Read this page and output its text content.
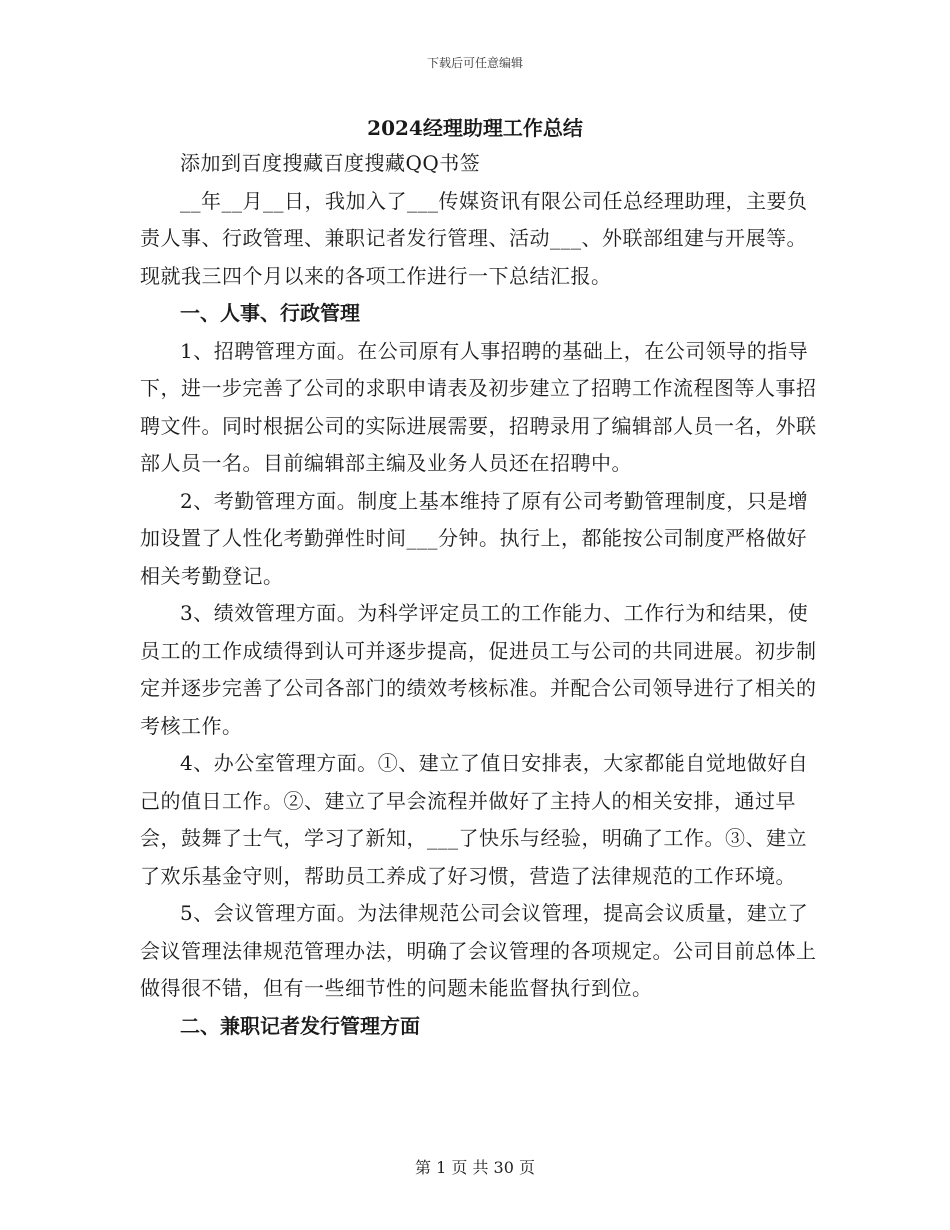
下载后可任意编辑
2024经理助理工作总结

添加到百度搜藏百度搜藏QQ书签

__年__月__日，我加入了___传媒资讯有限公司任总经理助理，主要负责人事、行政管理、兼职记者发行管理、活动___、外联部组建与开展等。现就我三四个月以来的各项工作进行一下总结汇报。

一、人事、行政管理

1、招聘管理方面。在公司原有人事招聘的基础上，在公司领导的指导下，进一步完善了公司的求职申请表及初步建立了招聘工作流程图等人事招聘文件。同时根据公司的实际进展需要，招聘录用了编辑部人员一名，外联部人员一名。目前编辑部主编及业务人员还在招聘中。

2、考勤管理方面。制度上基本维持了原有公司考勤管理制度，只是增加设置了人性化考勤弹性时间___分钟。执行上，都能按公司制度严格做好相关考勤登记。

3、绩效管理方面。为科学评定员工的工作能力、工作行为和结果，使员工的工作成绩得到认可并逐步提高，促进员工与公司的共同进展。初步制定并逐步完善了公司各部门的绩效考核标准。并配合公司领导进行了相关的考核工作。

4、办公室管理方面。①、建立了值日安排表，大家都能自觉地做好自己的值日工作。②、建立了早会流程并做好了主持人的相关安排，通过早会，鼓舞了士气，学习了新知，___了快乐与经验，明确了工作。③、建立了欢乐基金守则，帮助员工养成了好习惯，营造了法律规范的工作环境。

5、会议管理方面。为法律规范公司会议管理，提高会议质量，建立了会议管理法律规范管理办法，明确了会议管理的各项规定。公司目前总体上做得很不错，但有一些细节性的问题未能监督执行到位。

二、兼职记者发行管理方面

第 1 页 共 30 页
